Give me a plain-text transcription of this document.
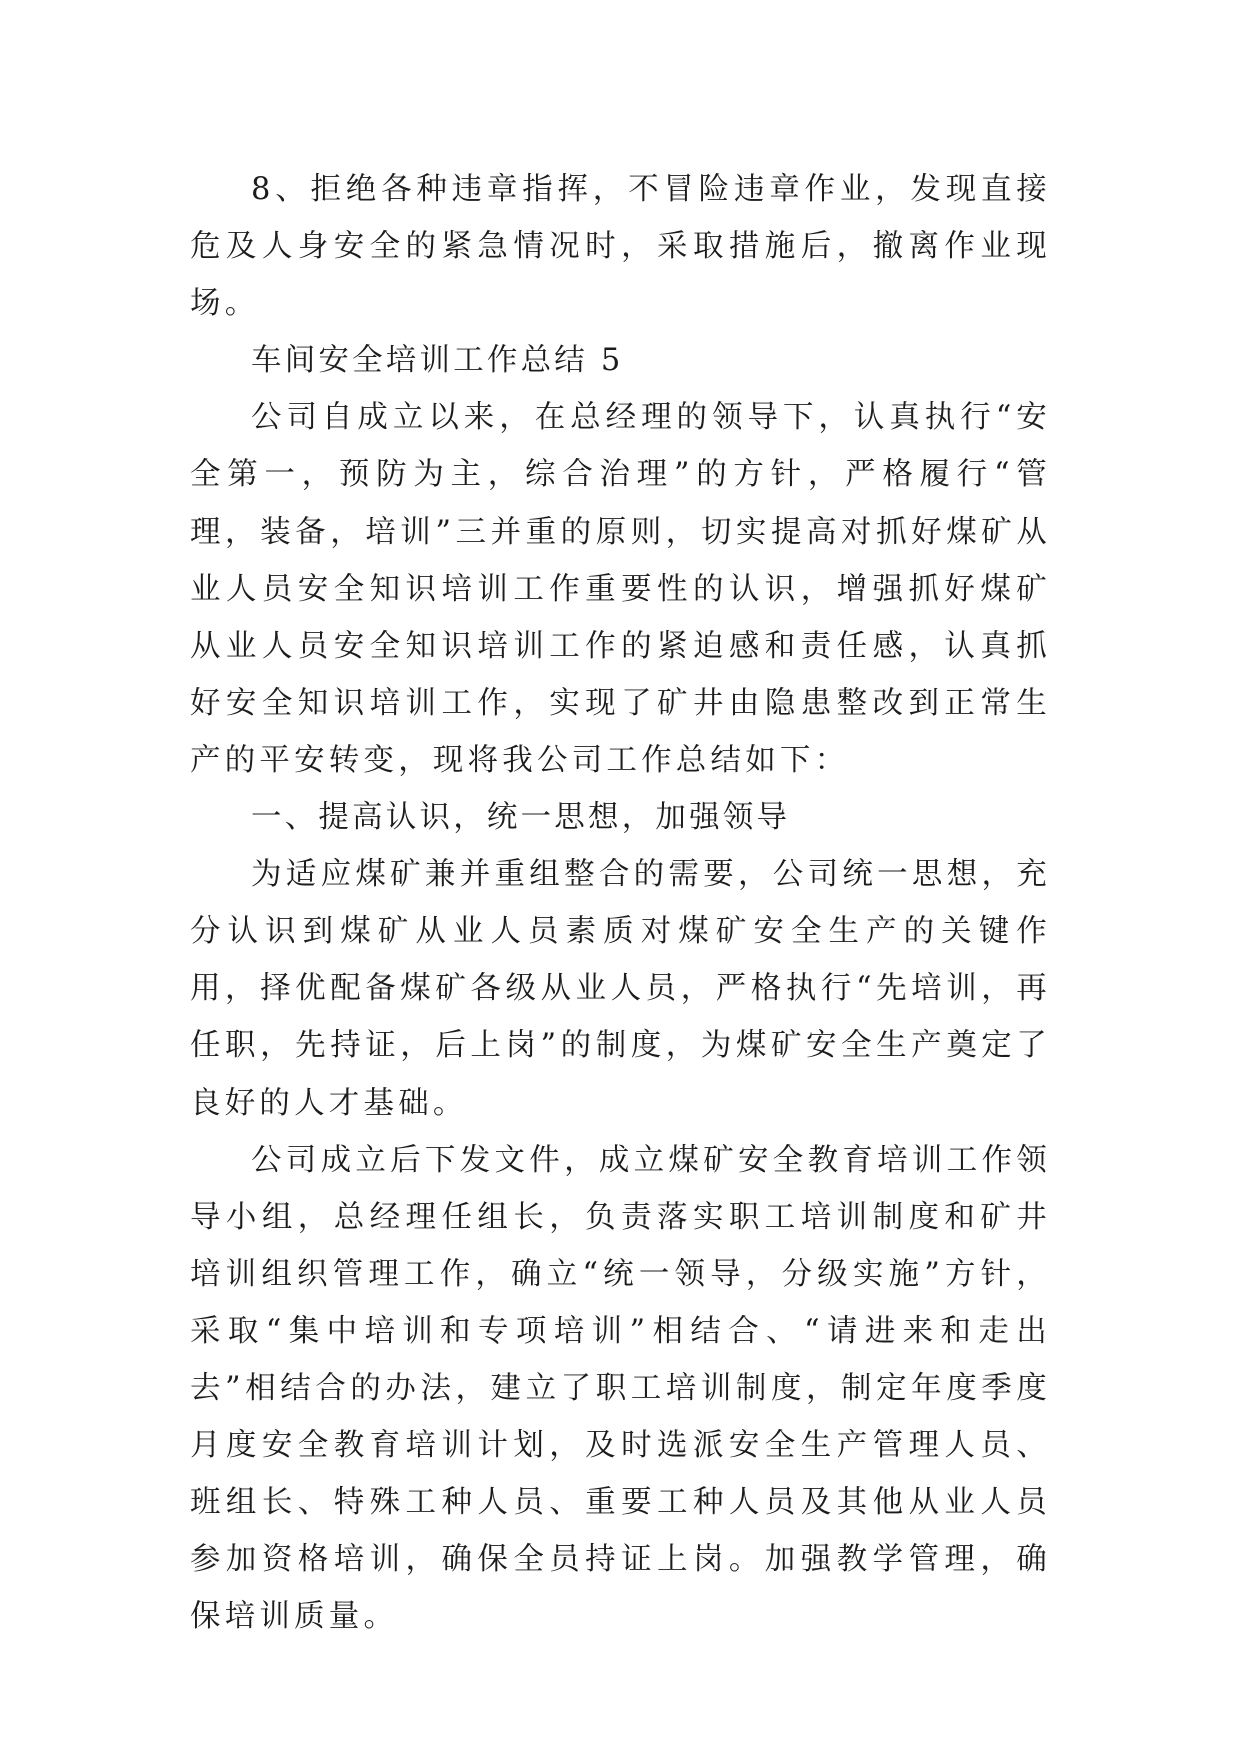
8、拒绝各种违章指挥，不冒险违章作业，发现直接危及人身安全的紧急情况时，采取措施后，撤离作业现场。

车间安全培训工作总结 5

公司自成立以来，在总经理的领导下，认真执行“安全第一，预防为主，综合治理”的方针，严格履行“管理，装备，培训”三并重的原则，切实提高对抓好煤矿从业人员安全知识培训工作重要性的认识，增强抓好煤矿从业人员安全知识培训工作的紧迫感和责任感，认真抓好安全知识培训工作，实现了矿井由隐患整改到正常生产的平安转变，现将我公司工作总结如下：

一、提高认识，统一思想，加强领导

为适应煤矿兼并重组整合的需要，公司统一思想，充分认识到煤矿从业人员素质对煤矿安全生产的关键作用，择优配备煤矿各级从业人员，严格执行“先培训，再任职，先持证，后上岗”的制度，为煤矿安全生产奠定了良好的人才基础。

公司成立后下发文件，成立煤矿安全教育培训工作领导小组，总经理任组长，负责落实职工培训制度和矿井培训组织管理工作，确立“统一领导，分级实施”方针，采取“集中培训和专项培训”相结合、“请进来和走出去”相结合的办法，建立了职工培训制度，制定年度季度月度安全教育培训计划，及时选派安全生产管理人员、班组长、特殊工种人员、重要工种人员及其他从业人员参加资格培训，确保全员持证上岗。加强教学管理，确保培训质量。
